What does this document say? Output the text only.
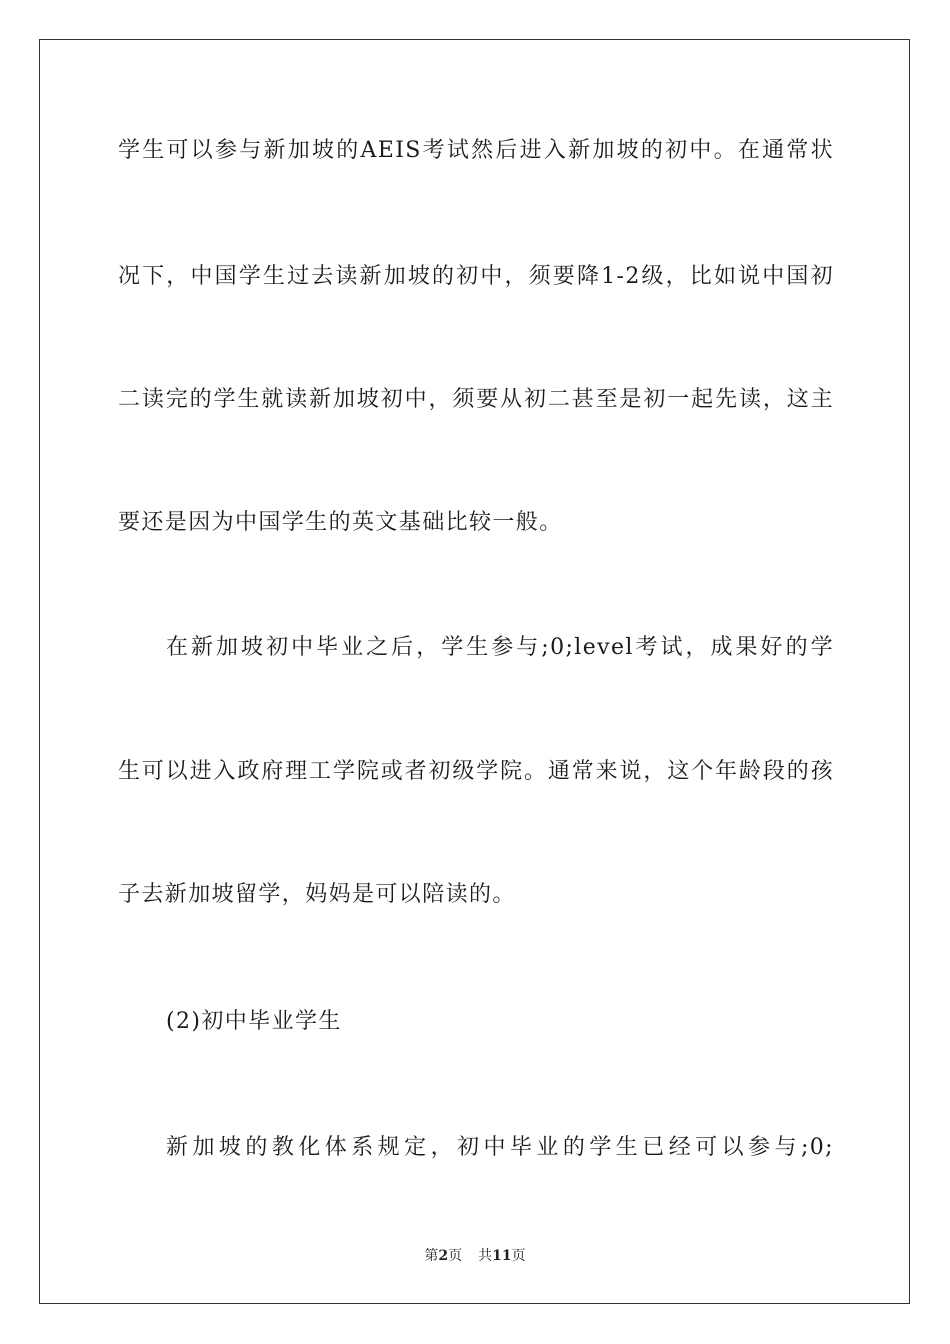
学生可以参与新加坡的AEIS考试然后进入新加坡的初中。在通常状
况下，中国学生过去读新加坡的初中，须要降1-2级，比如说中国初
二读完的学生就读新加坡初中，须要从初二甚至是初一起先读，这主
要还是因为中国学生的英文基础比较一般。
在新加坡初中毕业之后，学生参与;0;level考试，成果好的学
生可以进入政府理工学院或者初级学院。通常来说，这个年龄段的孩
子去新加坡留学，妈妈是可以陪读的。
(2)初中毕业学生
新加坡的教化体系规定，初中毕业的学生已经可以参与;0;
第2页 共11页
